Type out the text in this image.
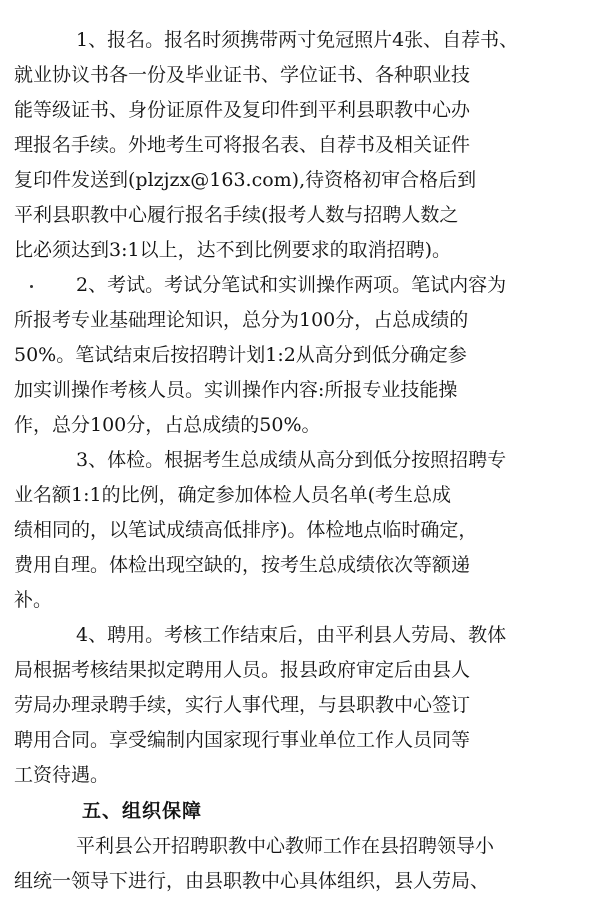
1、报名。报名时须携带两寸免冠照片4张、自荐书、
就业协议书各一份及毕业证书、学位证书、各种职业技
能等级证书、身份证原件及复印件到平利县职教中心办
理报名手续。外地考生可将报名表、自荐书及相关证件
复印件发送到(plzjzx@163.com),待资格初审合格后到
平利县职教中心履行报名手续(报考人数与招聘人数之
比必须达到3:1以上，达不到比例要求的取消招聘)。
2、考试。考试分笔试和实训操作两项。笔试内容为
所报考专业基础理论知识，总分为100分，占总成绩的
50%。笔试结束后按招聘计划1:2从高分到低分确定参
加实训操作考核人员。实训操作内容:所报专业技能操
作，总分100分，占总成绩的50%。
3、体检。根据考生总成绩从高分到低分按照招聘专
业名额1:1的比例，确定参加体检人员名单(考生总成
绩相同的，以笔试成绩高低排序)。体检地点临时确定，
费用自理。体检出现空缺的，按考生总成绩依次等额递
补。
4、聘用。考核工作结束后，由平利县人劳局、教体
局根据考核结果拟定聘用人员。报县政府审定后由县人
劳局办理录聘手续，实行人事代理，与县职教中心签订
聘用合同。享受编制内国家现行事业单位工作人员同等
工资待遇。
五、组织保障
平利县公开招聘职教中心教师工作在县招聘领导小
组统一领导下进行，由县职教中心具体组织，县人劳局、
